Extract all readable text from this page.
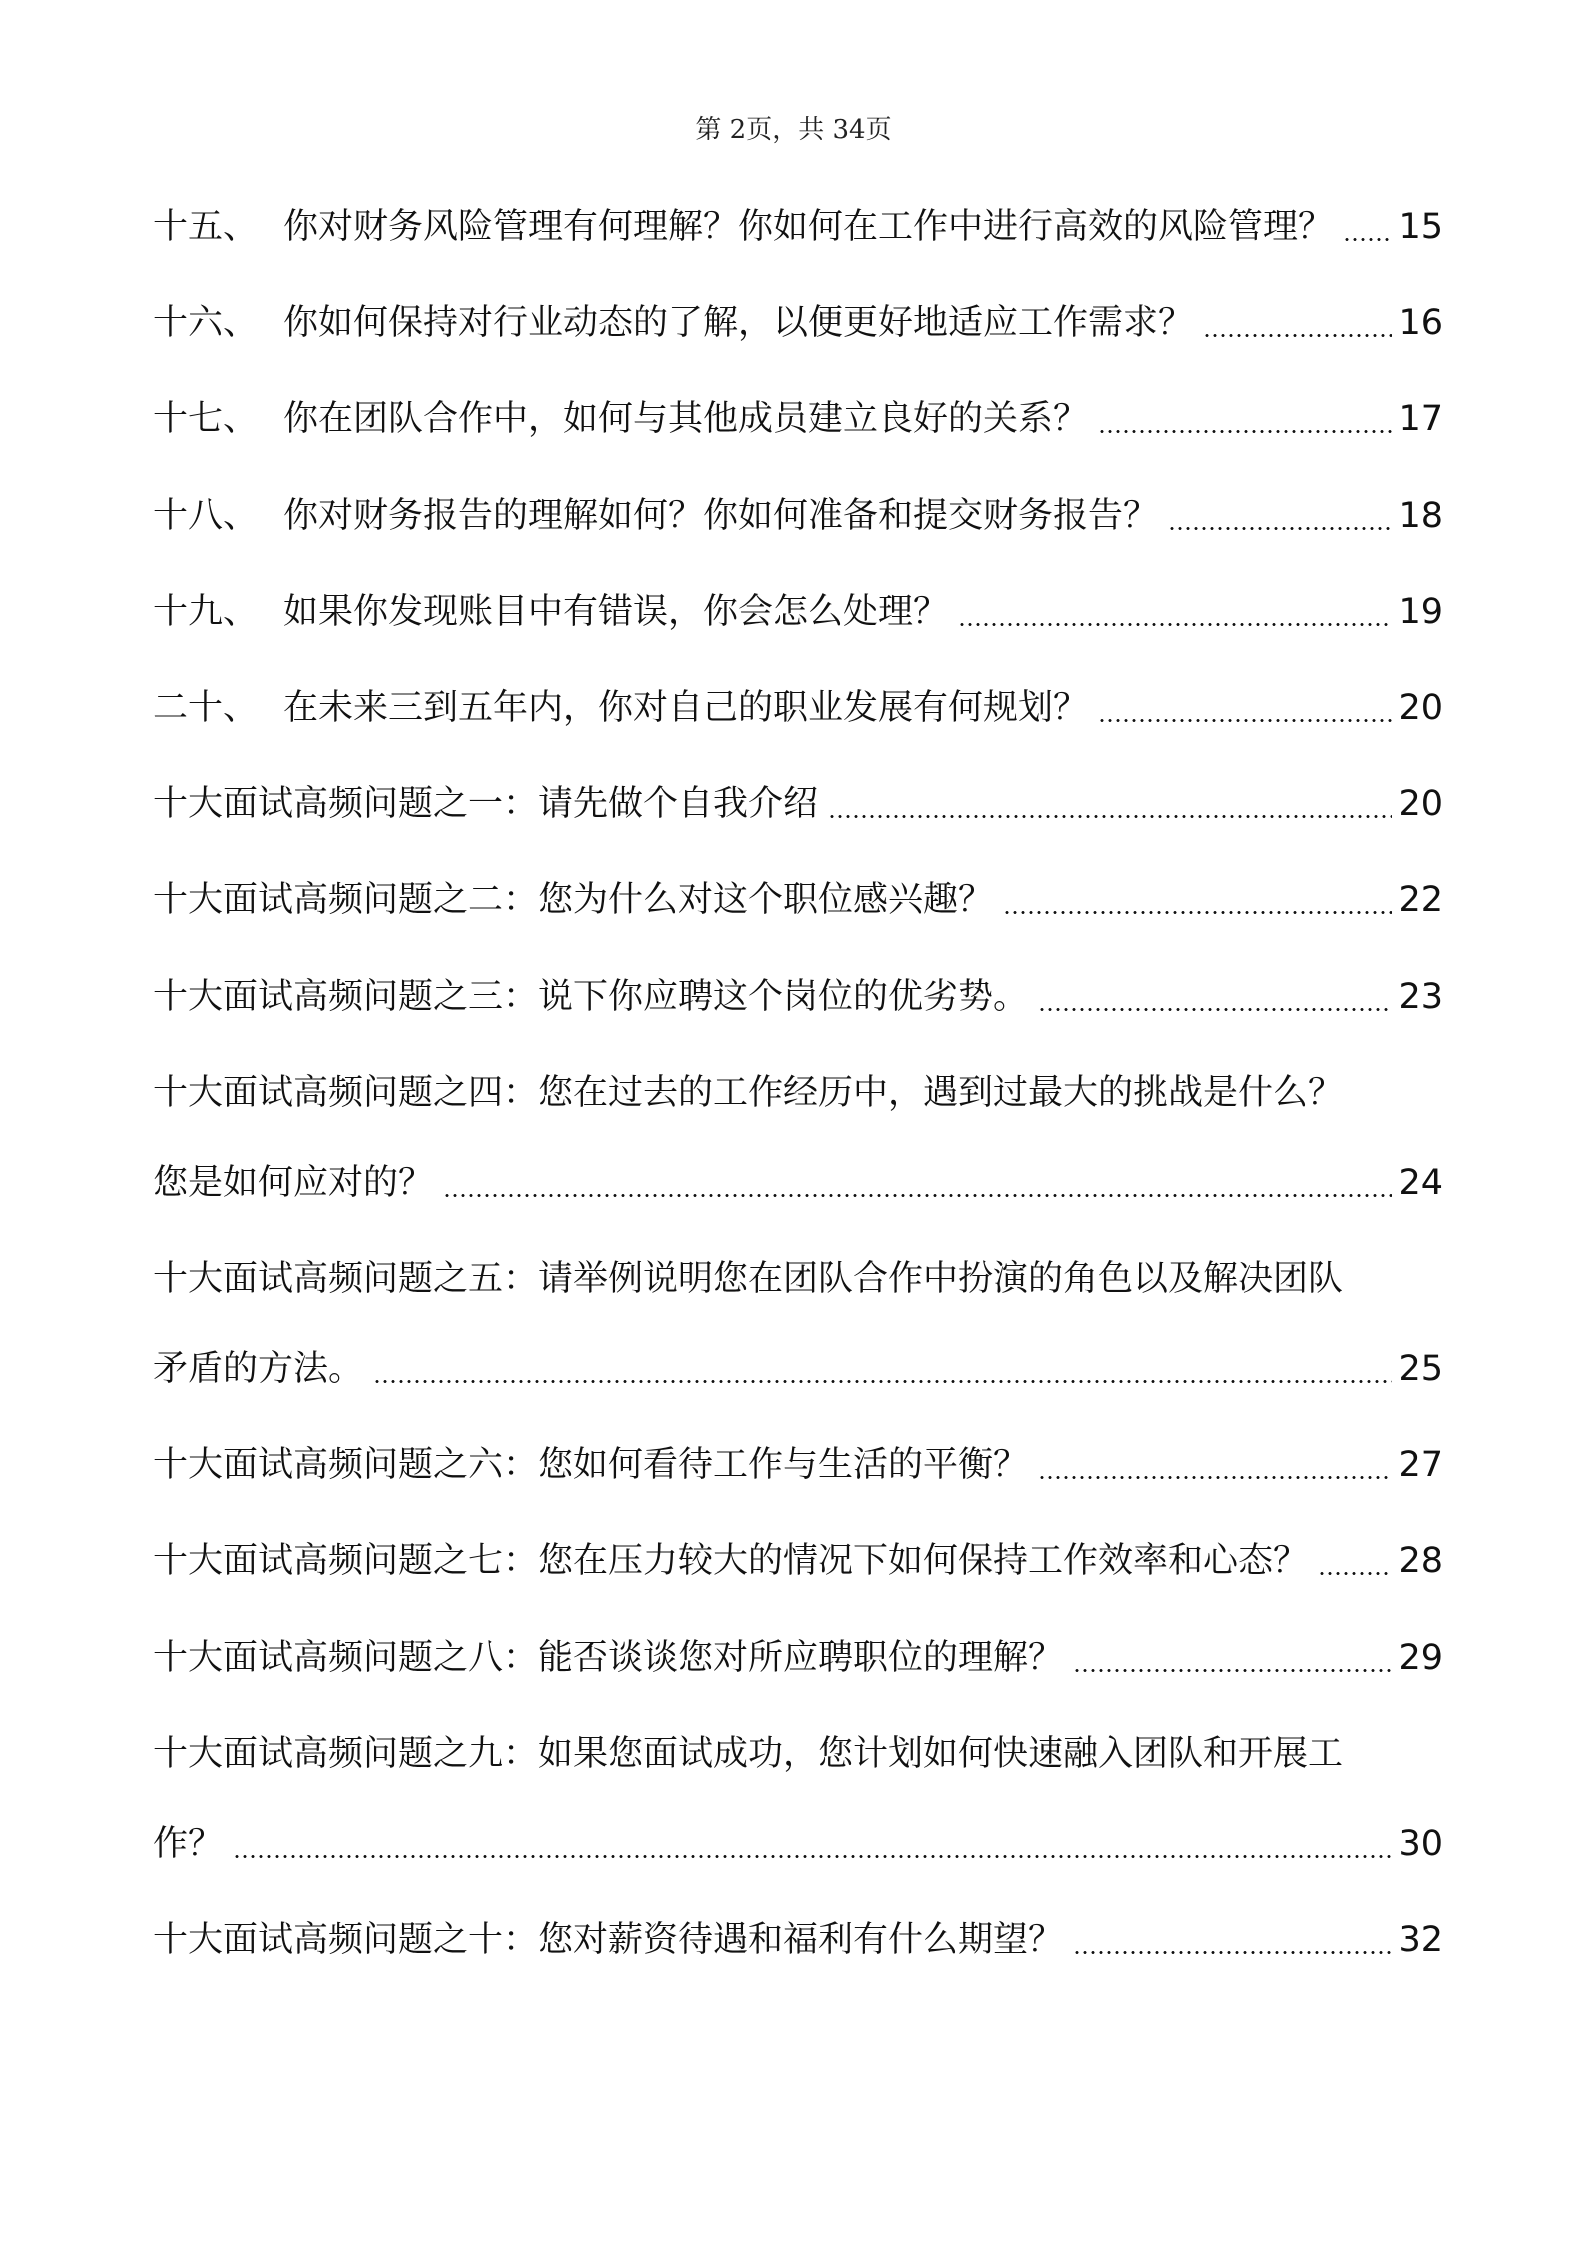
第 2页，共 34页
十五、 你对财务风险管理有何理解？你如何在工作中进行高效的风险管理？ 15
十六、 你如何保持对行业动态的了解，以便更好地适应工作需求？	16
十七、 你在团队合作中，如何与其他成员建立良好的关系？	17
十八、 你对财务报告的理解如何？你如何准备和提交财务报告？	18
十九、 如果你发现账目中有错误，你会怎么处理？	19
二十、 在未来三到五年内，你对自己的职业发展有何规划？	20
十大面试高频问题之一：请先做个自我介绍	20
十大面试高频问题之二：您为什么对这个职位感兴趣？	22
十大面试高频问题之三：说下你应聘这个岗位的优劣势。	23
十大面试高频问题之四：您在过去的工作经历中，遇到过最大的挑战是什么？
您是如何应对的？	24
十大面试高频问题之五：请举例说明您在团队合作中扮演的角色以及解决团队
矛盾的方法。	25
十大面试高频问题之六：您如何看待工作与生活的平衡？	27
十大面试高频问题之七：您在压力较大的情况下如何保持工作效率和心态？	28
十大面试高频问题之八：能否谈谈您对所应聘职位的理解？	29
十大面试高频问题之九：如果您面试成功，您计划如何快速融入团队和开展工
作？	30
十大面试高频问题之十：您对薪资待遇和福利有什么期望？	32
